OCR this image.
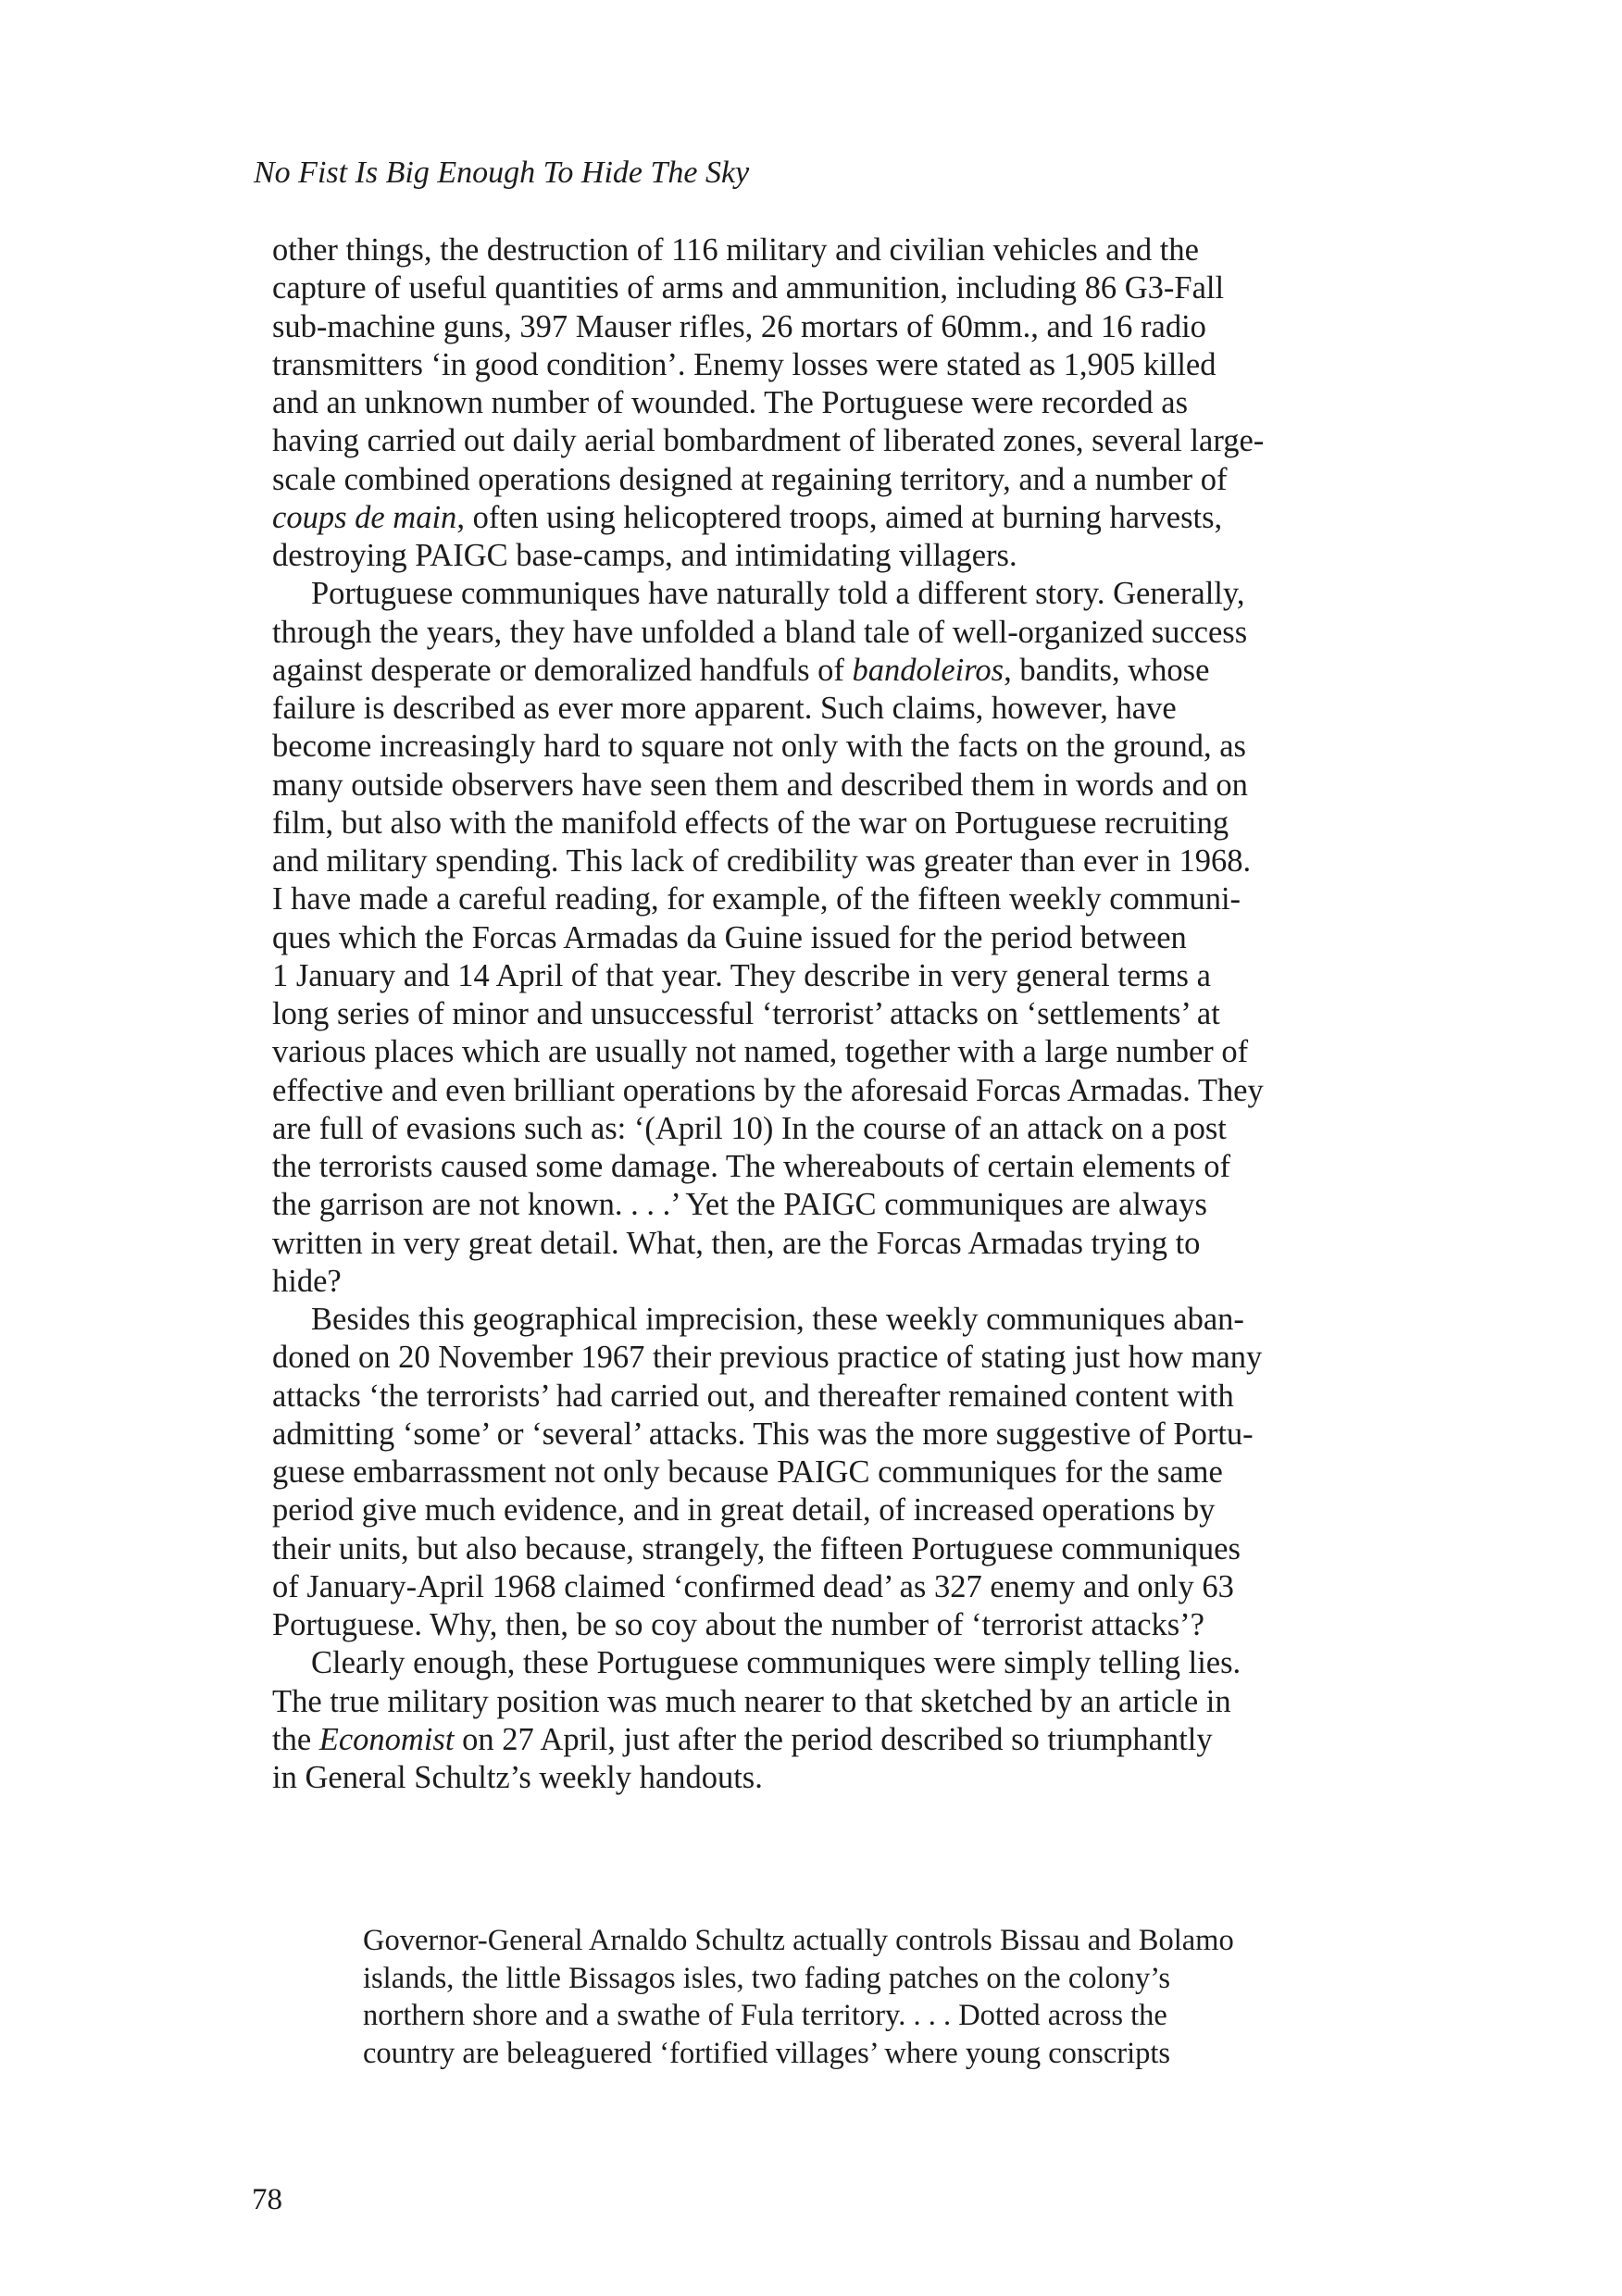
No Fist Is Big Enough To Hide The Sky
other things, the destruction of 116 military and civilian vehicles and the
capture of useful quantities of arms and ammunition, including 86 G3-Fall
sub-machine guns, 397 Mauser rifles, 26 mortars of 60mm., and 16 radio
transmitters ‘in good condition’. Enemy losses were stated as 1,905 killed
and an unknown number of wounded. The Portuguese were recorded as
having carried out daily aerial bombardment of liberated zones, several large-
scale combined operations designed at regaining territory, and a number of
coups de main, often using helicoptered troops, aimed at burning harvests,
destroying PAIGC base-camps, and intimidating villagers.
Portuguese communiques have naturally told a different story. Generally,
through the years, they have unfolded a bland tale of well-organized success
against desperate or demoralized handfuls of bandoleiros, bandits, whose
failure is described as ever more apparent. Such claims, however, have
become increasingly hard to square not only with the facts on the ground, as
many outside observers have seen them and described them in words and on
film, but also with the manifold effects of the war on Portuguese recruiting
and military spending. This lack of credibility was greater than ever in 1968.
I have made a careful reading, for example, of the fifteen weekly communi-
ques which the Forcas Armadas da Guine issued for the period between
1 January and 14 April of that year. They describe in very general terms a
long series of minor and unsuccessful ‘terrorist’ attacks on ‘settlements’ at
various places which are usually not named, together with a large number of
effective and even brilliant operations by the aforesaid Forcas Armadas. They
are full of evasions such as: ‘(April 10) In the course of an attack on a post
the terrorists caused some damage. The whereabouts of certain elements of
the garrison are not known. . . .’ Yet the PAIGC communiques are always
written in very great detail. What, then, are the Forcas Armadas trying to
hide?
Besides this geographical imprecision, these weekly communiques aban-
doned on 20 November 1967 their previous practice of stating just how many
attacks ‘the terrorists’ had carried out, and thereafter remained content with
admitting ‘some’ or ‘several’ attacks. This was the more suggestive of Portu-
guese embarrassment not only because PAIGC communiques for the same
period give much evidence, and in great detail, of increased operations by
their units, but also because, strangely, the fifteen Portuguese communiques
of January-April 1968 claimed ‘confirmed dead’ as 327 enemy and only 63
Portuguese. Why, then, be so coy about the number of ‘terrorist attacks’?
Clearly enough, these Portuguese communiques were simply telling lies.
The true military position was much nearer to that sketched by an article in
the Economist on 27 April, just after the period described so triumphantly
in General Schultz’s weekly handouts.
Governor-General Arnaldo Schultz actually controls Bissau and Bolamo
islands, the little Bissagos isles, two fading patches on the colony’s
northern shore and a swathe of Fula territory. . . . Dotted across the
country are beleaguered ‘fortified villages’ where young conscripts
78
